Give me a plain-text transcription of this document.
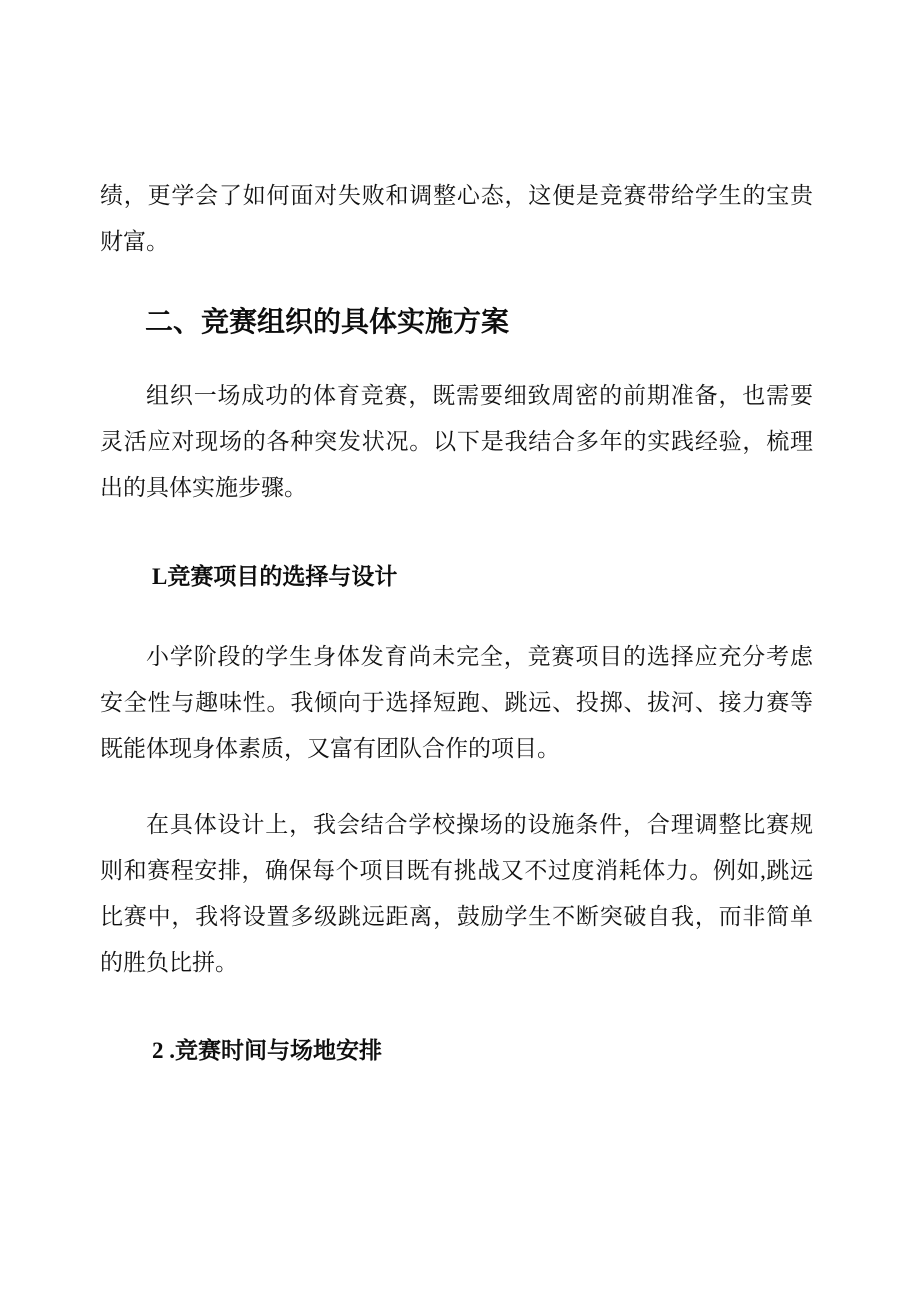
绩，更学会了如何面对失败和调整心态，这便是竞赛带给学生的宝贵
财富。
二、竞赛组织的具体实施方案
组织一场成功的体育竞赛，既需要细致周密的前期准备，也需要
灵活应对现场的各种突发状况。以下是我结合多年的实践经验，梳理
出的具体实施步骤。
L竞赛项目的选择与设计
小学阶段的学生身体发育尚未完全，竞赛项目的选择应充分考虑
安全性与趣味性。我倾向于选择短跑、跳远、投掷、拔河、接力赛等
既能体现身体素质，又富有团队合作的项目。
在具体设计上，我会结合学校操场的设施条件，合理调整比赛规
则和赛程安排，确保每个项目既有挑战又不过度消耗体力。例如,跳远
比赛中，我将设置多级跳远距离，鼓励学生不断突破自我，而非简单
的胜负比拼。
2 .竞赛时间与场地安排
